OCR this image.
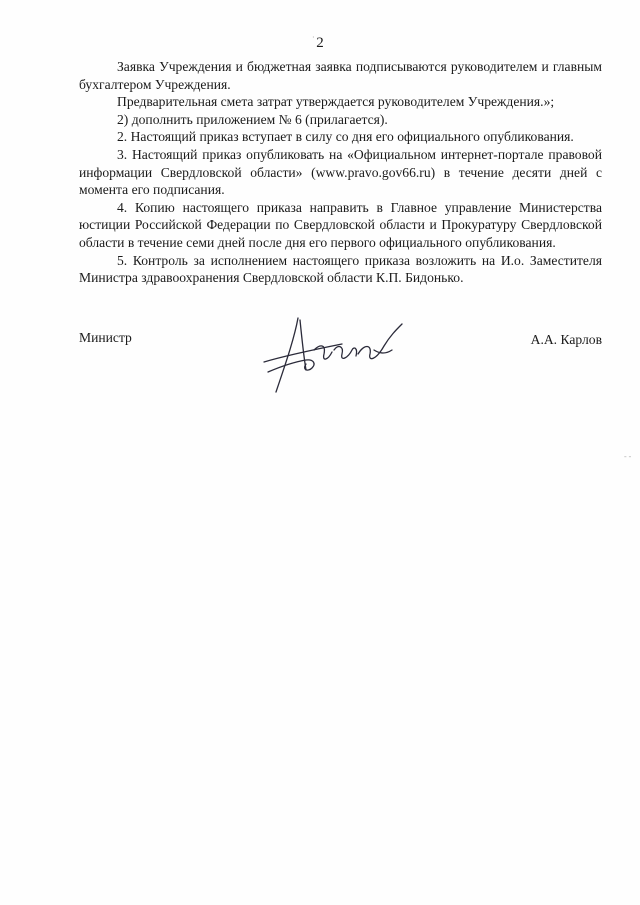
· 2

Заявка Учреждения и бюджетная заявка подписываются руководителем и главным бухгалтером Учреждения.

Предварительная смета затрат утверждается руководителем Учреждения.»;

2) дополнить приложением № 6 (прилагается).

2. Настоящий приказ вступает в силу со дня его официального опубликования.

3. Настоящий приказ опубликовать на «Официальном интернет-портале правовой информации Свердловской области» (www.pravo.gov66.ru) в течение десяти дней с момента его подписания.

4. Копию настоящего приказа направить в Главное управление Министерства юстиции Российской Федерации по Свердловской области и Прокуратуру Свердловской области в течение семи дней после дня его первого официального опубликования.

5. Контроль за исполнением настоящего приказа возложить на И.о. Заместителя Министра здравоохранения Свердловской области К.П. Бидонько.

Министр	А.А. Карлов
- -
